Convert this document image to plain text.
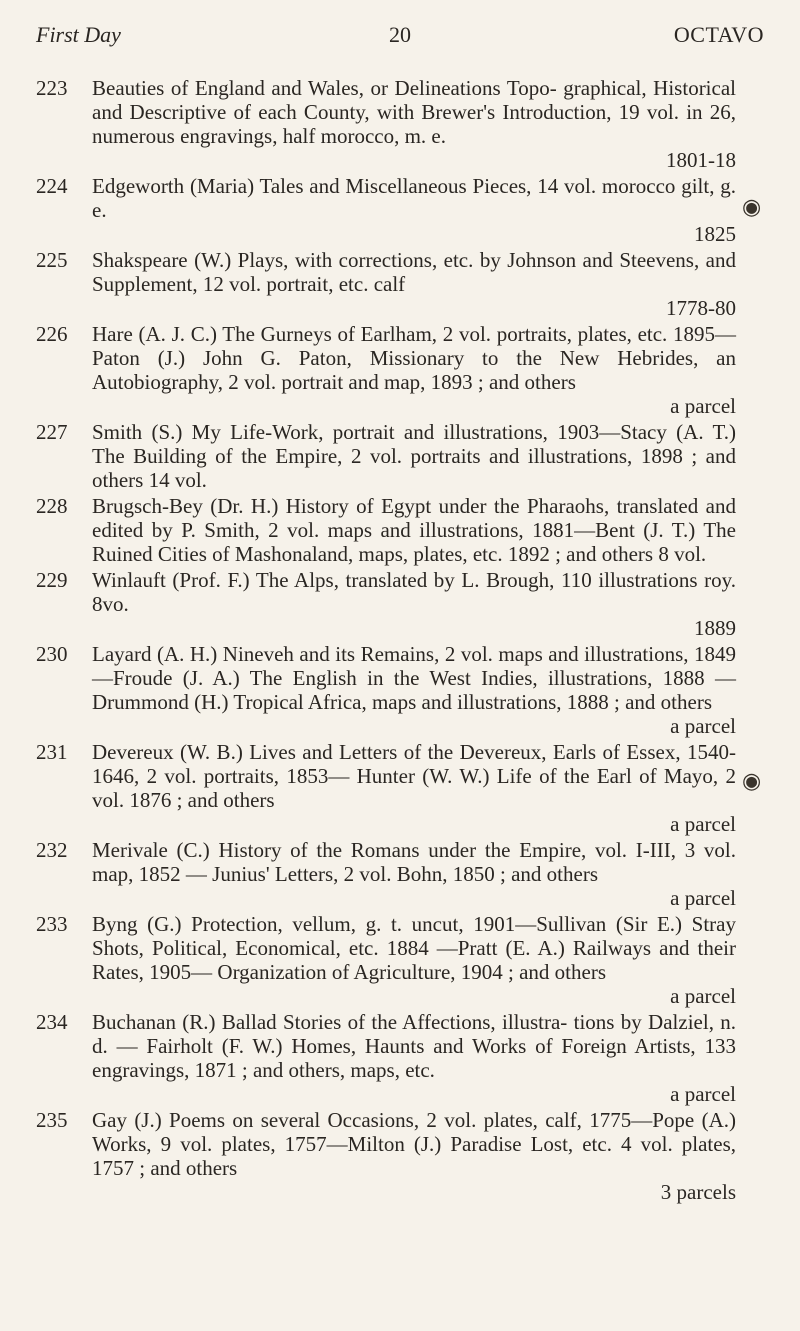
First Day	20	OCTAVO
223	Beauties of England and Wales, or Delineations Topo- graphical, Historical and Descriptive of each County, with Brewer's Introduction, 19 vol. in 26, numerous engravings, half morocco, m. e.
1801-18
224	Edgeworth (Maria) Tales and Miscellaneous Pieces, 14 vol. morocco gilt, g. e.
1825
225	Shakspeare (W.) Plays, with corrections, etc. by Johnson and Steevens, and Supplement, 12 vol. portrait, etc. calf
1778-80
226	Hare (A. J. C.) The Gurneys of Earlham, 2 vol. portraits, plates, etc. 1895—Paton (J.) John G. Paton, Missionary to the New Hebrides, an Autobiography, 2 vol. portrait and map, 1893 ; and others
a parcel
227	Smith (S.) My Life-Work, portrait and illustrations, 1903—Stacy (A. T.) The Building of the Empire, 2 vol. portraits and illustrations, 1898 ; and others 14 vol.
228	Brugsch-Bey (Dr. H.) History of Egypt under the Pharaohs, translated and edited by P. Smith, 2 vol. maps and illustrations, 1881—Bent (J. T.) The Ruined Cities of Mashonaland, maps, plates, etc. 1892 ; and others 8 vol.
229	Winlauft (Prof. F.) The Alps, translated by L. Brough, 110 illustrations roy. 8vo.
1889
230	Layard (A. H.) Nineveh and its Remains, 2 vol. maps and illustrations, 1849—Froude (J. A.) The English in the West Indies, illustrations, 1888 — Drummond (H.) Tropical Africa, maps and illustrations, 1888 ; and others
a parcel
231	Devereux (W. B.) Lives and Letters of the Devereux, Earls of Essex, 1540-1646, 2 vol. portraits, 1853— Hunter (W. W.) Life of the Earl of Mayo, 2 vol. 1876 ; and others
a parcel
232	Merivale (C.) History of the Romans under the Empire, vol. I-III, 3 vol. map, 1852 — Junius' Letters, 2 vol. Bohn, 1850 ; and others
a parcel
233	Byng (G.) Protection, vellum, g. t. uncut, 1901—Sullivan (Sir E.) Stray Shots, Political, Economical, etc. 1884 —Pratt (E. A.) Railways and their Rates, 1905— Organization of Agriculture, 1904 ; and others
a parcel
234	Buchanan (R.) Ballad Stories of the Affections, illustra- tions by Dalziel, n. d. — Fairholt (F. W.) Homes, Haunts and Works of Foreign Artists, 133 engravings, 1871 ; and others, maps, etc.
a parcel
235	Gay (J.) Poems on several Occasions, 2 vol. plates, calf, 1775—Pope (A.) Works, 9 vol. plates, 1757—Milton (J.) Paradise Lost, etc. 4 vol. plates, 1757 ; and others
3 parcels
◉
◉
